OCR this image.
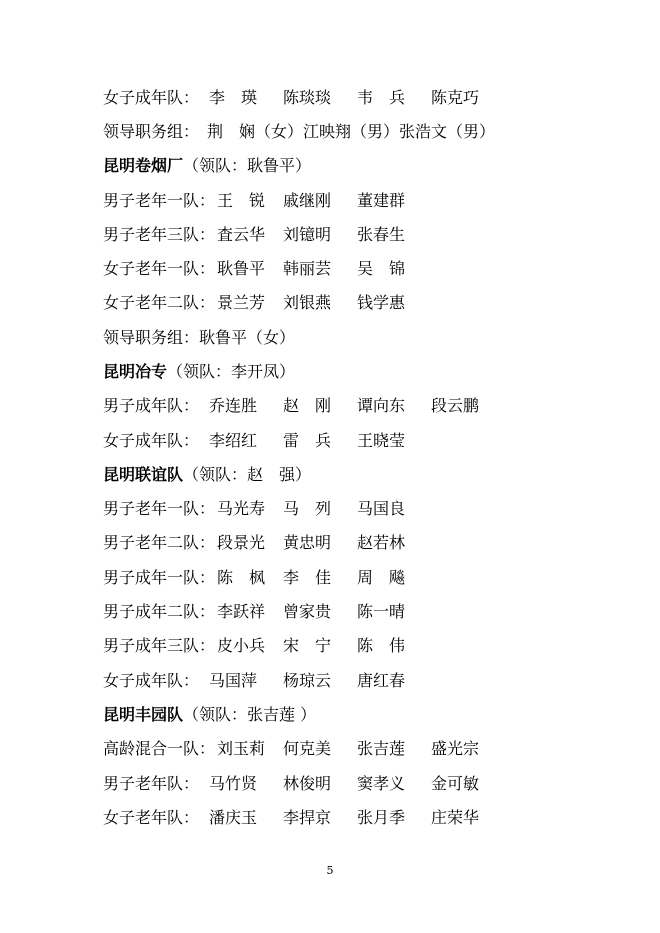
女子成年队： 李　瑛 陈琰琰 韦　兵 陈克巧
领导职务组：　荆　娴（女）江映翔（男）张浩文（男）
昆明卷烟厂（领队：耿鲁平）
男子老年一队： 王　锐 戚继刚 董建群
男子老年三队： 査云华 刘镱明 张春生
女子老年一队： 耿鲁平 韩丽芸 吴　锦
女子老年二队： 景兰芳 刘银燕 钱学惠
领导职务组：耿鲁平（女）
昆明冶专（领队：李开凤）
男子成年队： 乔连胜 赵　刚 谭向东 段云鹏
女子成年队： 李绍红 雷　兵 王晓莹
昆明联谊队（领队：赵　强）
男子老年一队： 马光寿 马　列 马国良
男子老年二队： 段景光 黄忠明 赵若林
男子成年一队： 陈　枫 李　佳 周　飚
男子成年二队： 李跃祥 曾家贵 陈一晴
男子成年三队： 皮小兵 宋　宁 陈　伟
女子成年队： 马国萍 杨琼云 唐红春
昆明丰园队（领队：张吉莲 ）
高龄混合一队： 刘玉莉 何克美 张吉莲 盛光宗
男子老年队： 马竹贤 林俊明 窦孝义 金可敏
女子老年队： 潘庆玉 李捍京 张月季 庄荣华
5
